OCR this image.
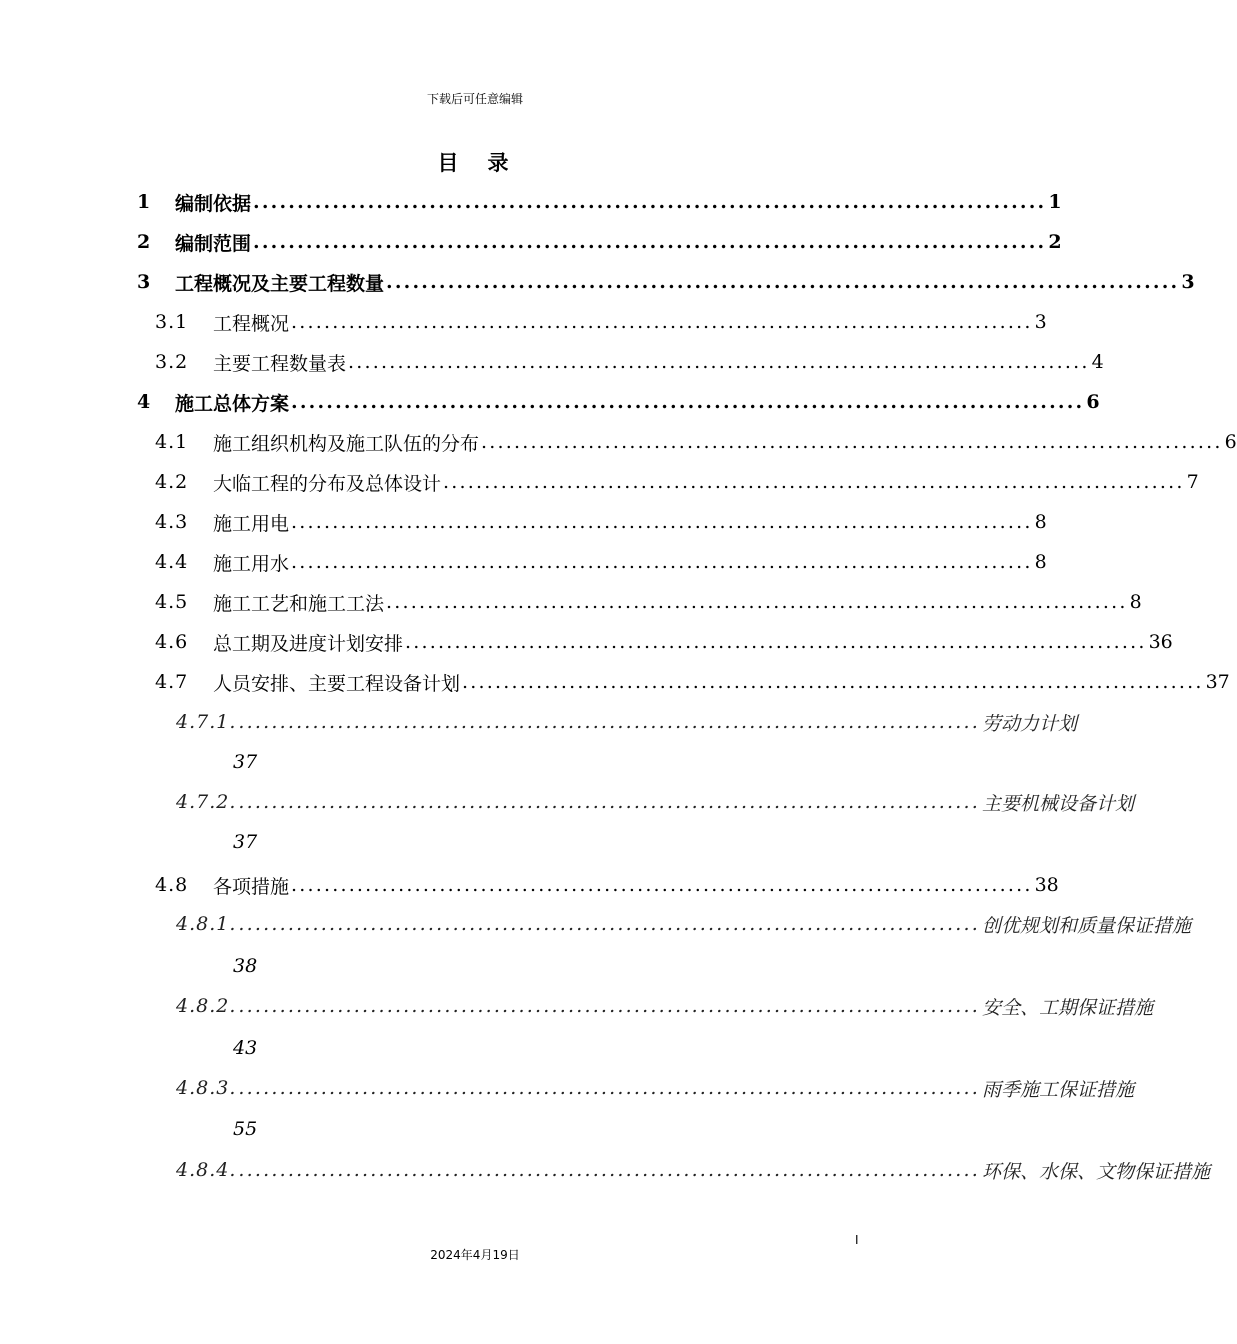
下载后可任意编辑
目　录
1	编制依据 .......................................................................................... 1
2	编制范围 .......................................................................................... 2
3	工程概况及主要工程数量 .......................................................................................... 3
3.1	工程概况 .......................................................................................... 3
3.2	主要工程数量表 .......................................................................................... 4
4	施工总体方案 .......................................................................................... 6
4.1	施工组织机构及施工队伍的分布 .......................................................................................... 6
4.2	大临工程的分布及总体设计 .......................................................................................... 7
4.3	施工用电 .......................................................................................... 8
4.4	施工用水 .......................................................................................... 8
4.5	施工工艺和施工工法 .......................................................................................... 8
4.6	总工期及进度计划安排 .......................................................................................... 36
4.7	人员安排、主要工程设备计划 .......................................................................................... 37
4.7.1. .......................................................................................... 劳动力计划
37
4.7.2. .......................................................................................... 主要机械设备计划
37
4.8	各项措施 .......................................................................................... 38
4.8.1. .......................................................................................... 创优规划和质量保证措施
38
4.8.2. .......................................................................................... 安全、工期保证措施
43
4.8.3. .......................................................................................... 雨季施工保证措施
55
4.8.4. .......................................................................................... 环保、水保、文物保证措施
I
2024年4月19日
